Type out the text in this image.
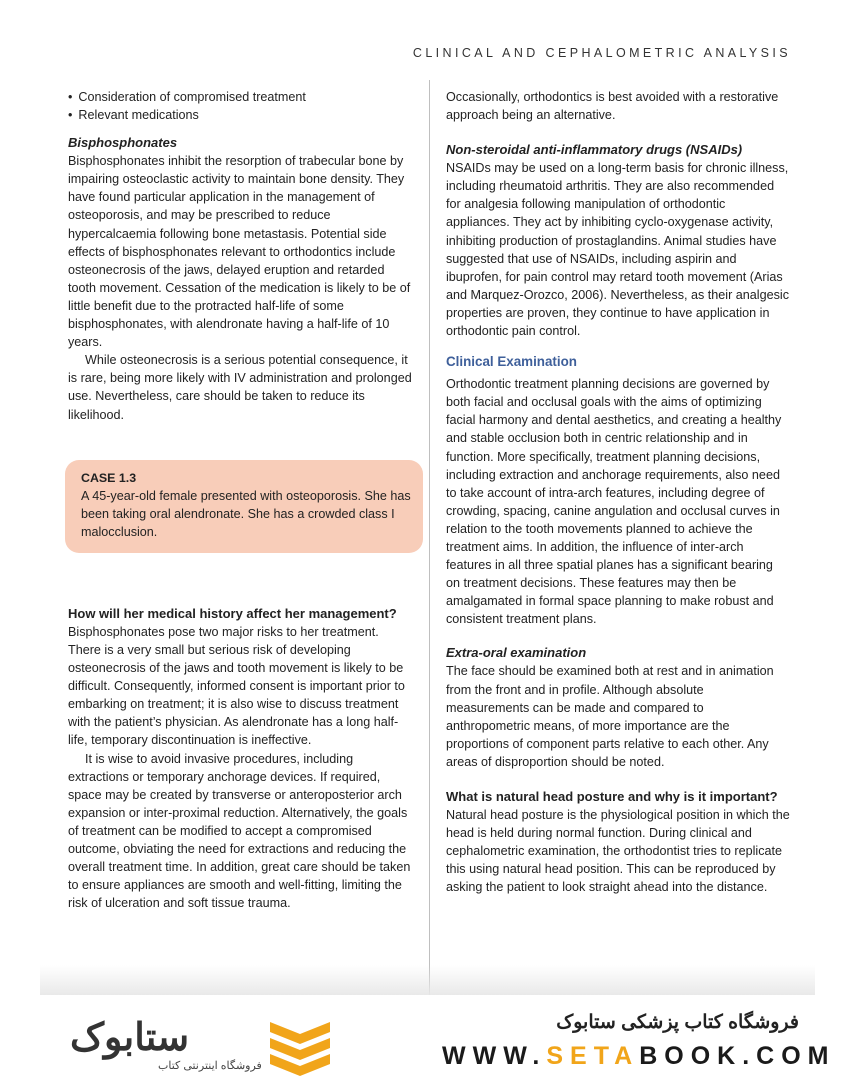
CLINICAL AND CEPHALOMETRIC ANALYSIS
• Consideration of compromised treatment
• Relevant medications
Bisphosphonates

Bisphosphonates inhibit the resorption of trabecular bone by impairing osteoclastic activity to maintain bone density. They have found particular application in the management of osteoporosis, and may be prescribed to reduce hypercalcaemia following bone metastasis. Potential side effects of bisphosphonates relevant to orthodontics include osteonecrosis of the jaws, delayed eruption and retarded tooth movement. Cessation of the medication is likely to be of little benefit due to the protracted half-life of some bisphosphonates, with alendronate having a half-life of 10 years.

While osteonecrosis is a serious potential consequence, it is rare, being more likely with IV administration and prolonged use. Nevertheless, care should be taken to reduce its likelihood.

CASE 1.3

A 45-year-old female presented with osteoporosis. She has been taking oral alendronate. She has a crowded class I malocclusion.

How will her medical history affect her management?

Bisphosphonates pose two major risks to her treatment. There is a very small but serious risk of developing osteonecrosis of the jaws and tooth movement is likely to be difficult. Consequently, informed consent is important prior to embarking on treatment; it is also wise to discuss treatment with the patient’s physician. As alendronate has a long half-life, temporary discontinuation is ineffective.

It is wise to avoid invasive procedures, including extractions or temporary anchorage devices. If required, space may be created by transverse or anteroposterior arch expansion or inter-proximal reduction. Alternatively, the goals of treatment can be modified to accept a compromised outcome, obviating the need for extractions and reducing the overall treatment time. In addition, great care should be taken to ensure appliances are smooth and well-fitting, limiting the risk of ulceration and soft tissue trauma.

Occasionally, orthodontics is best avoided with a restorative approach being an alternative.

Non-steroidal anti-inflammatory drugs (NSAIDs)

NSAIDs may be used on a long-term basis for chronic illness, including rheumatoid arthritis. They are also recommended for analgesia following manipulation of orthodontic appliances. They act by inhibiting cyclo-oxygenase activity, inhibiting production of prostaglandins. Animal studies have suggested that use of NSAIDs, including aspirin and ibuprofen, for pain control may retard tooth movement (Arias and Marquez-Orozco, 2006). Nevertheless, as their analgesic properties are proven, they continue to have application in orthodontic pain control.

Clinical Examination

Orthodontic treatment planning decisions are governed by both facial and occlusal goals with the aims of optimizing facial harmony and dental aesthetics, and creating a healthy and stable occlusion both in centric relationship and in function. More specifically, treatment planning decisions, including extraction and anchorage requirements, also need to take account of intra-arch features, including degree of crowding, spacing, canine angulation and occlusal curves in relation to the tooth movements planned to achieve the treatment aims. In addition, the influence of inter-arch features in all three spatial planes has a significant bearing on treatment decisions. These features may then be amalgamated in formal space planning to make robust and consistent treatment plans.

Extra-oral examination

The face should be examined both at rest and in animation from the front and in profile. Although absolute measurements can be made and compared to anthropometric means, of more importance are the proportions of component parts relative to each other. Any areas of disproportion should be noted.

What is natural head posture and why is it important?

Natural head posture is the physiological position in which the head is held during normal function. During clinical and cephalometric examination, the orthodontist tries to replicate this using natural head position. This can be reproduced by asking the patient to look straight ahead into the distance.

ستابوک
فروشگاه اینترنتی کتاب
فروشگاه کتاب پزشکی ستابوک
WWW.SETABOOK.COM
